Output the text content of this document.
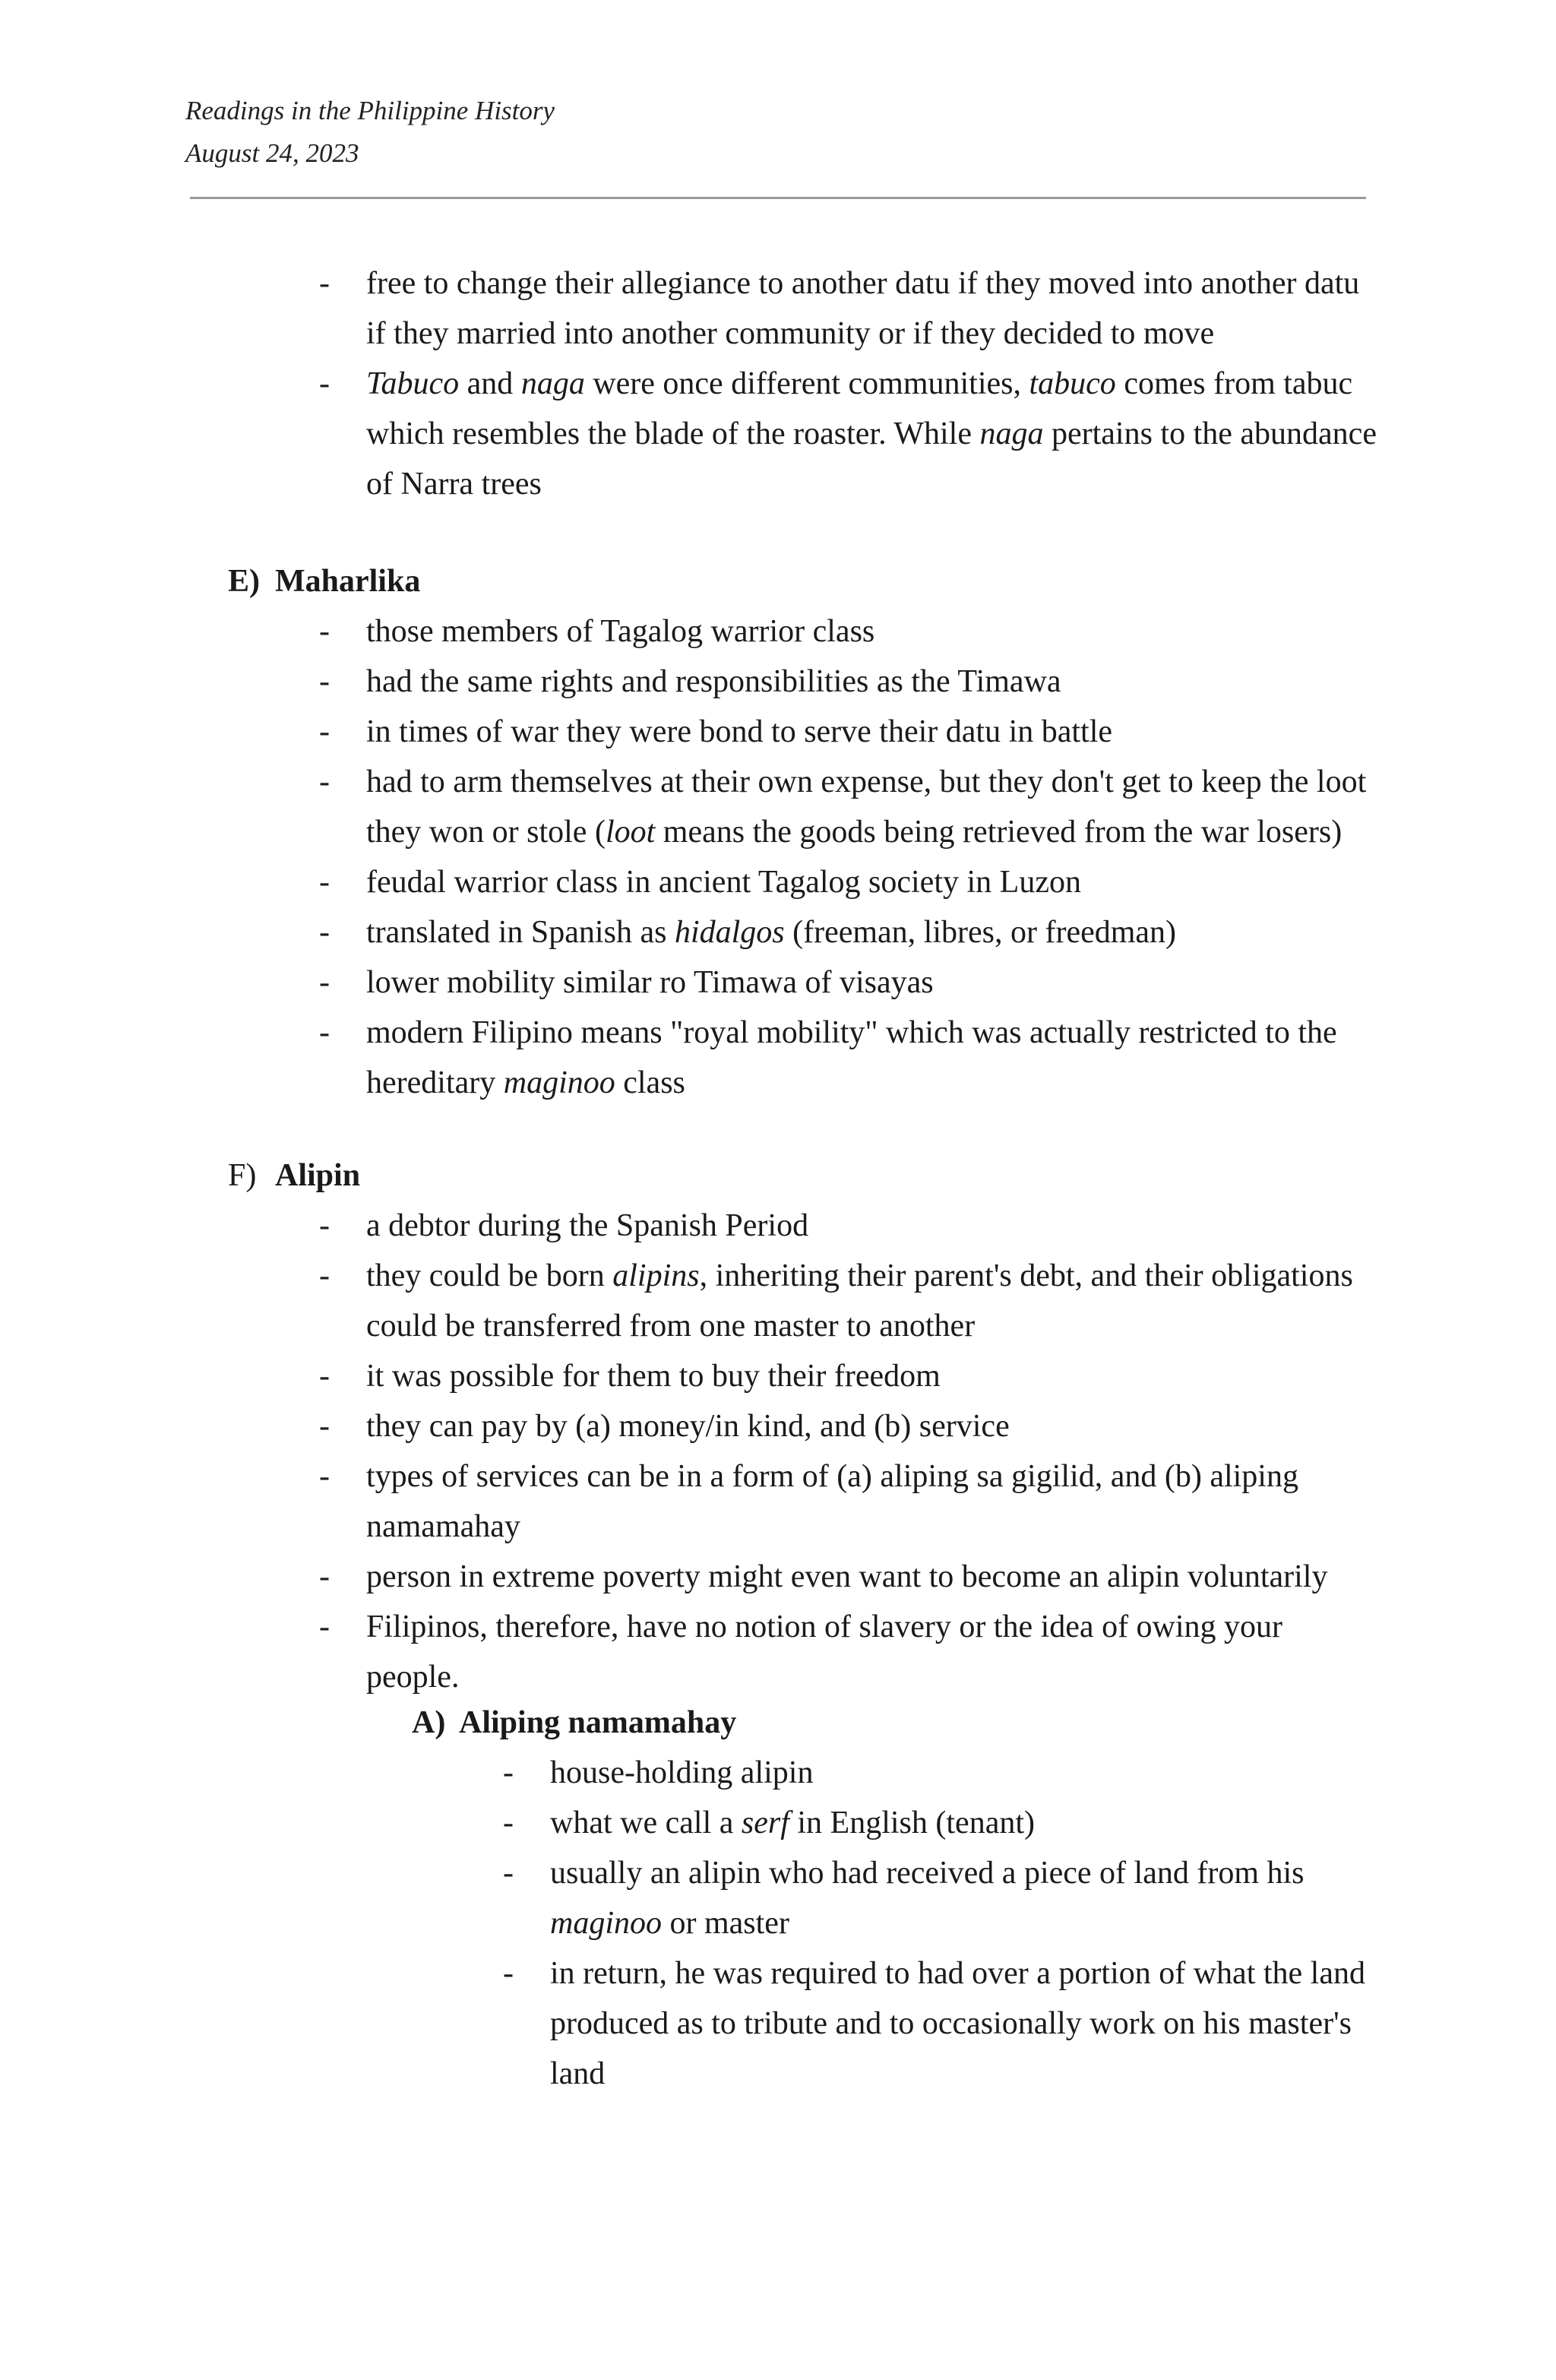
Readings in the Philippine History
August 24, 2023
- free to change their allegiance to another datu if they moved into another datu if they married into another community or if they decided to move
- Tabuco and naga were once different communities, tabuco comes from tabuc which resembles the blade of the roaster. While naga pertains to the abundance of Narra trees
E) Maharlika
- those members of Tagalog warrior class
- had the same rights and responsibilities as the Timawa
- in times of war they were bond to serve their datu in battle
- had to arm themselves at their own expense, but they don't get to keep the loot they won or stole (loot means the goods being retrieved from the war losers)
- feudal warrior class in ancient Tagalog society in Luzon
- translated in Spanish as hidalgos (freeman, libres, or freedman)
- lower mobility similar ro Timawa of visayas
- modern Filipino means "royal mobility" which was actually restricted to the hereditary maginoo class
F) Alipin
- a debtor during the Spanish Period
- they could be born alipins, inheriting their parent's debt, and their obligations could be transferred from one master to another
- it was possible for them to buy their freedom
- they can pay by (a) money/in kind, and (b) service
- types of services can be in a form of (a) aliping sa gigilid, and (b) aliping namamahay
- person in extreme poverty might even want to become an alipin voluntarily
- Filipinos, therefore, have no notion of slavery or the idea of owing your people.
A) Aliping namamahay
- house-holding alipin
- what we call a serf in English (tenant)
- usually an alipin who had received a piece of land from his maginoo or master
- in return, he was required to had over a portion of what the land produced as to tribute and to occasionally work on his master's land
